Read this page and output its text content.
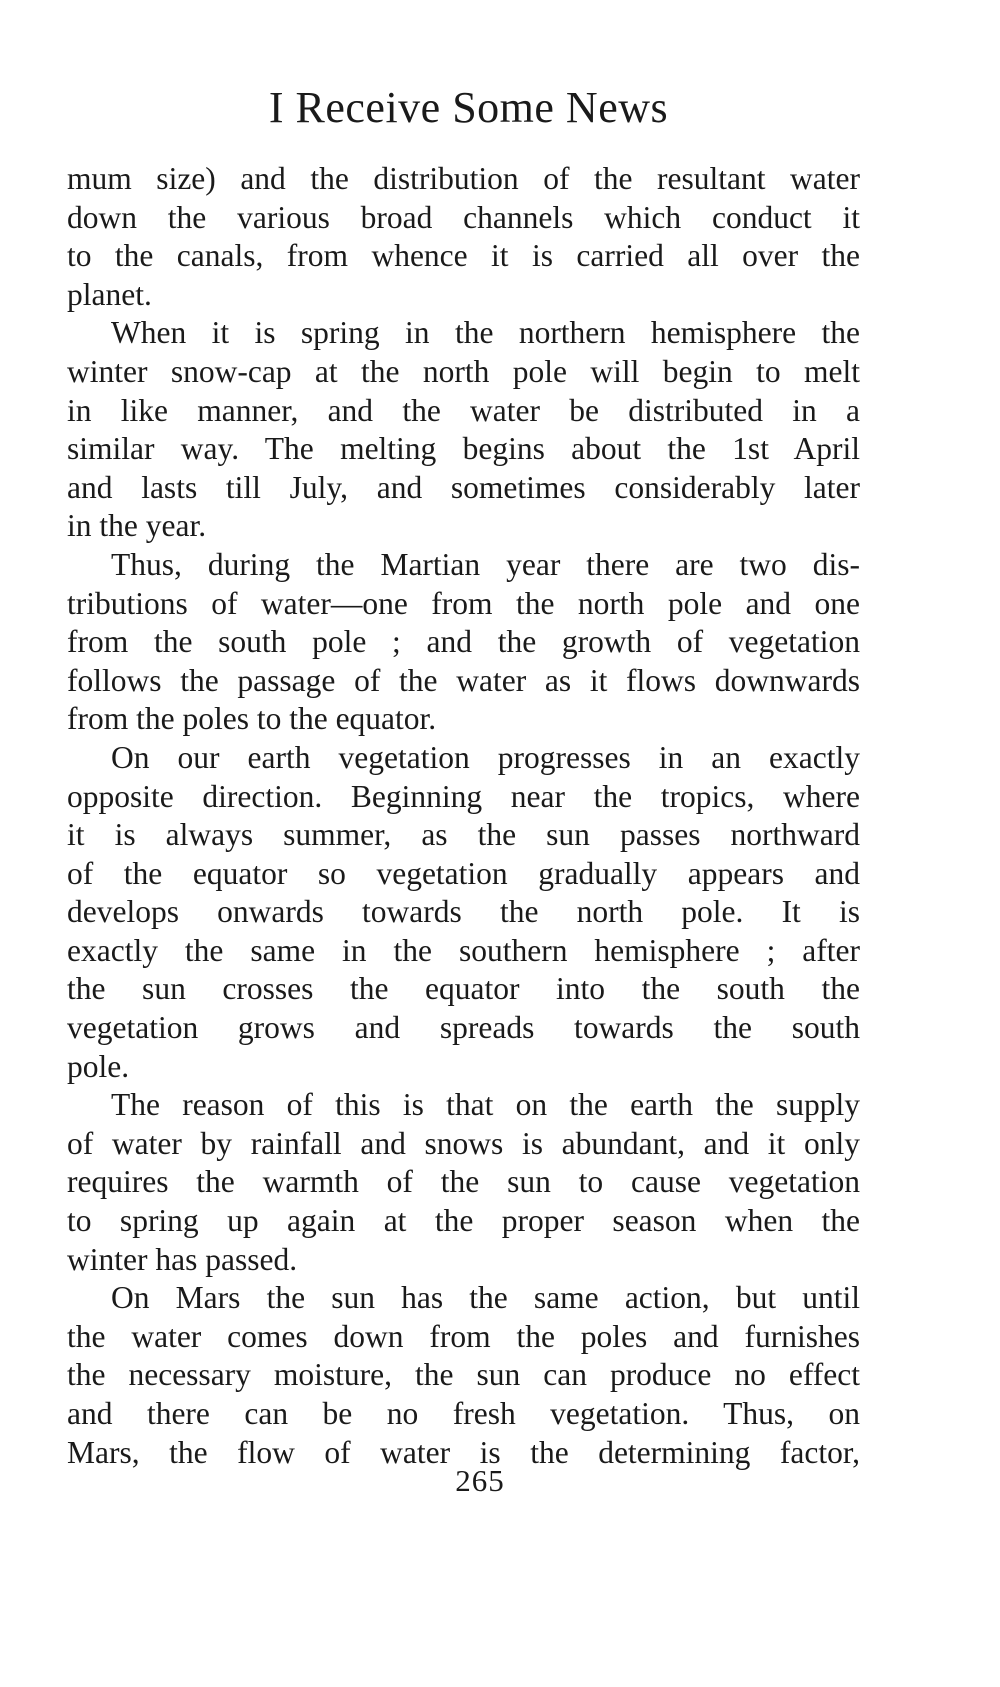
I Receive Some News
mum size) and the distribution of the resultant water
down the various broad channels which conduct it
to the canals, from whence it is carried all over the
planet.
When it is spring in the northern hemisphere the
winter snow-cap at the north pole will begin to melt
in like manner, and the water be distributed in a
similar way. The melting begins about the 1st April
and lasts till July, and sometimes considerably later
in the year.
Thus, during the Martian year there are two dis-
tributions of water—one from the north pole and one
from the south pole ; and the growth of vegetation
follows the passage of the water as it flows downwards
from the poles to the equator.
On our earth vegetation progresses in an exactly
opposite direction. Beginning near the tropics, where
it is always summer, as the sun passes northward
of the equator so vegetation gradually appears and
develops onwards towards the north pole. It is
exactly the same in the southern hemisphere ; after
the sun crosses the equator into the south the
vegetation grows and spreads towards the south
pole.
The reason of this is that on the earth the supply
of water by rainfall and snows is abundant, and it only
requires the warmth of the sun to cause vegetation
to spring up again at the proper season when the
winter has passed.
On Mars the sun has the same action, but until
the water comes down from the poles and furnishes
the necessary moisture, the sun can produce no effect
and there can be no fresh vegetation. Thus, on
Mars, the flow of water is the determining factor,
265
